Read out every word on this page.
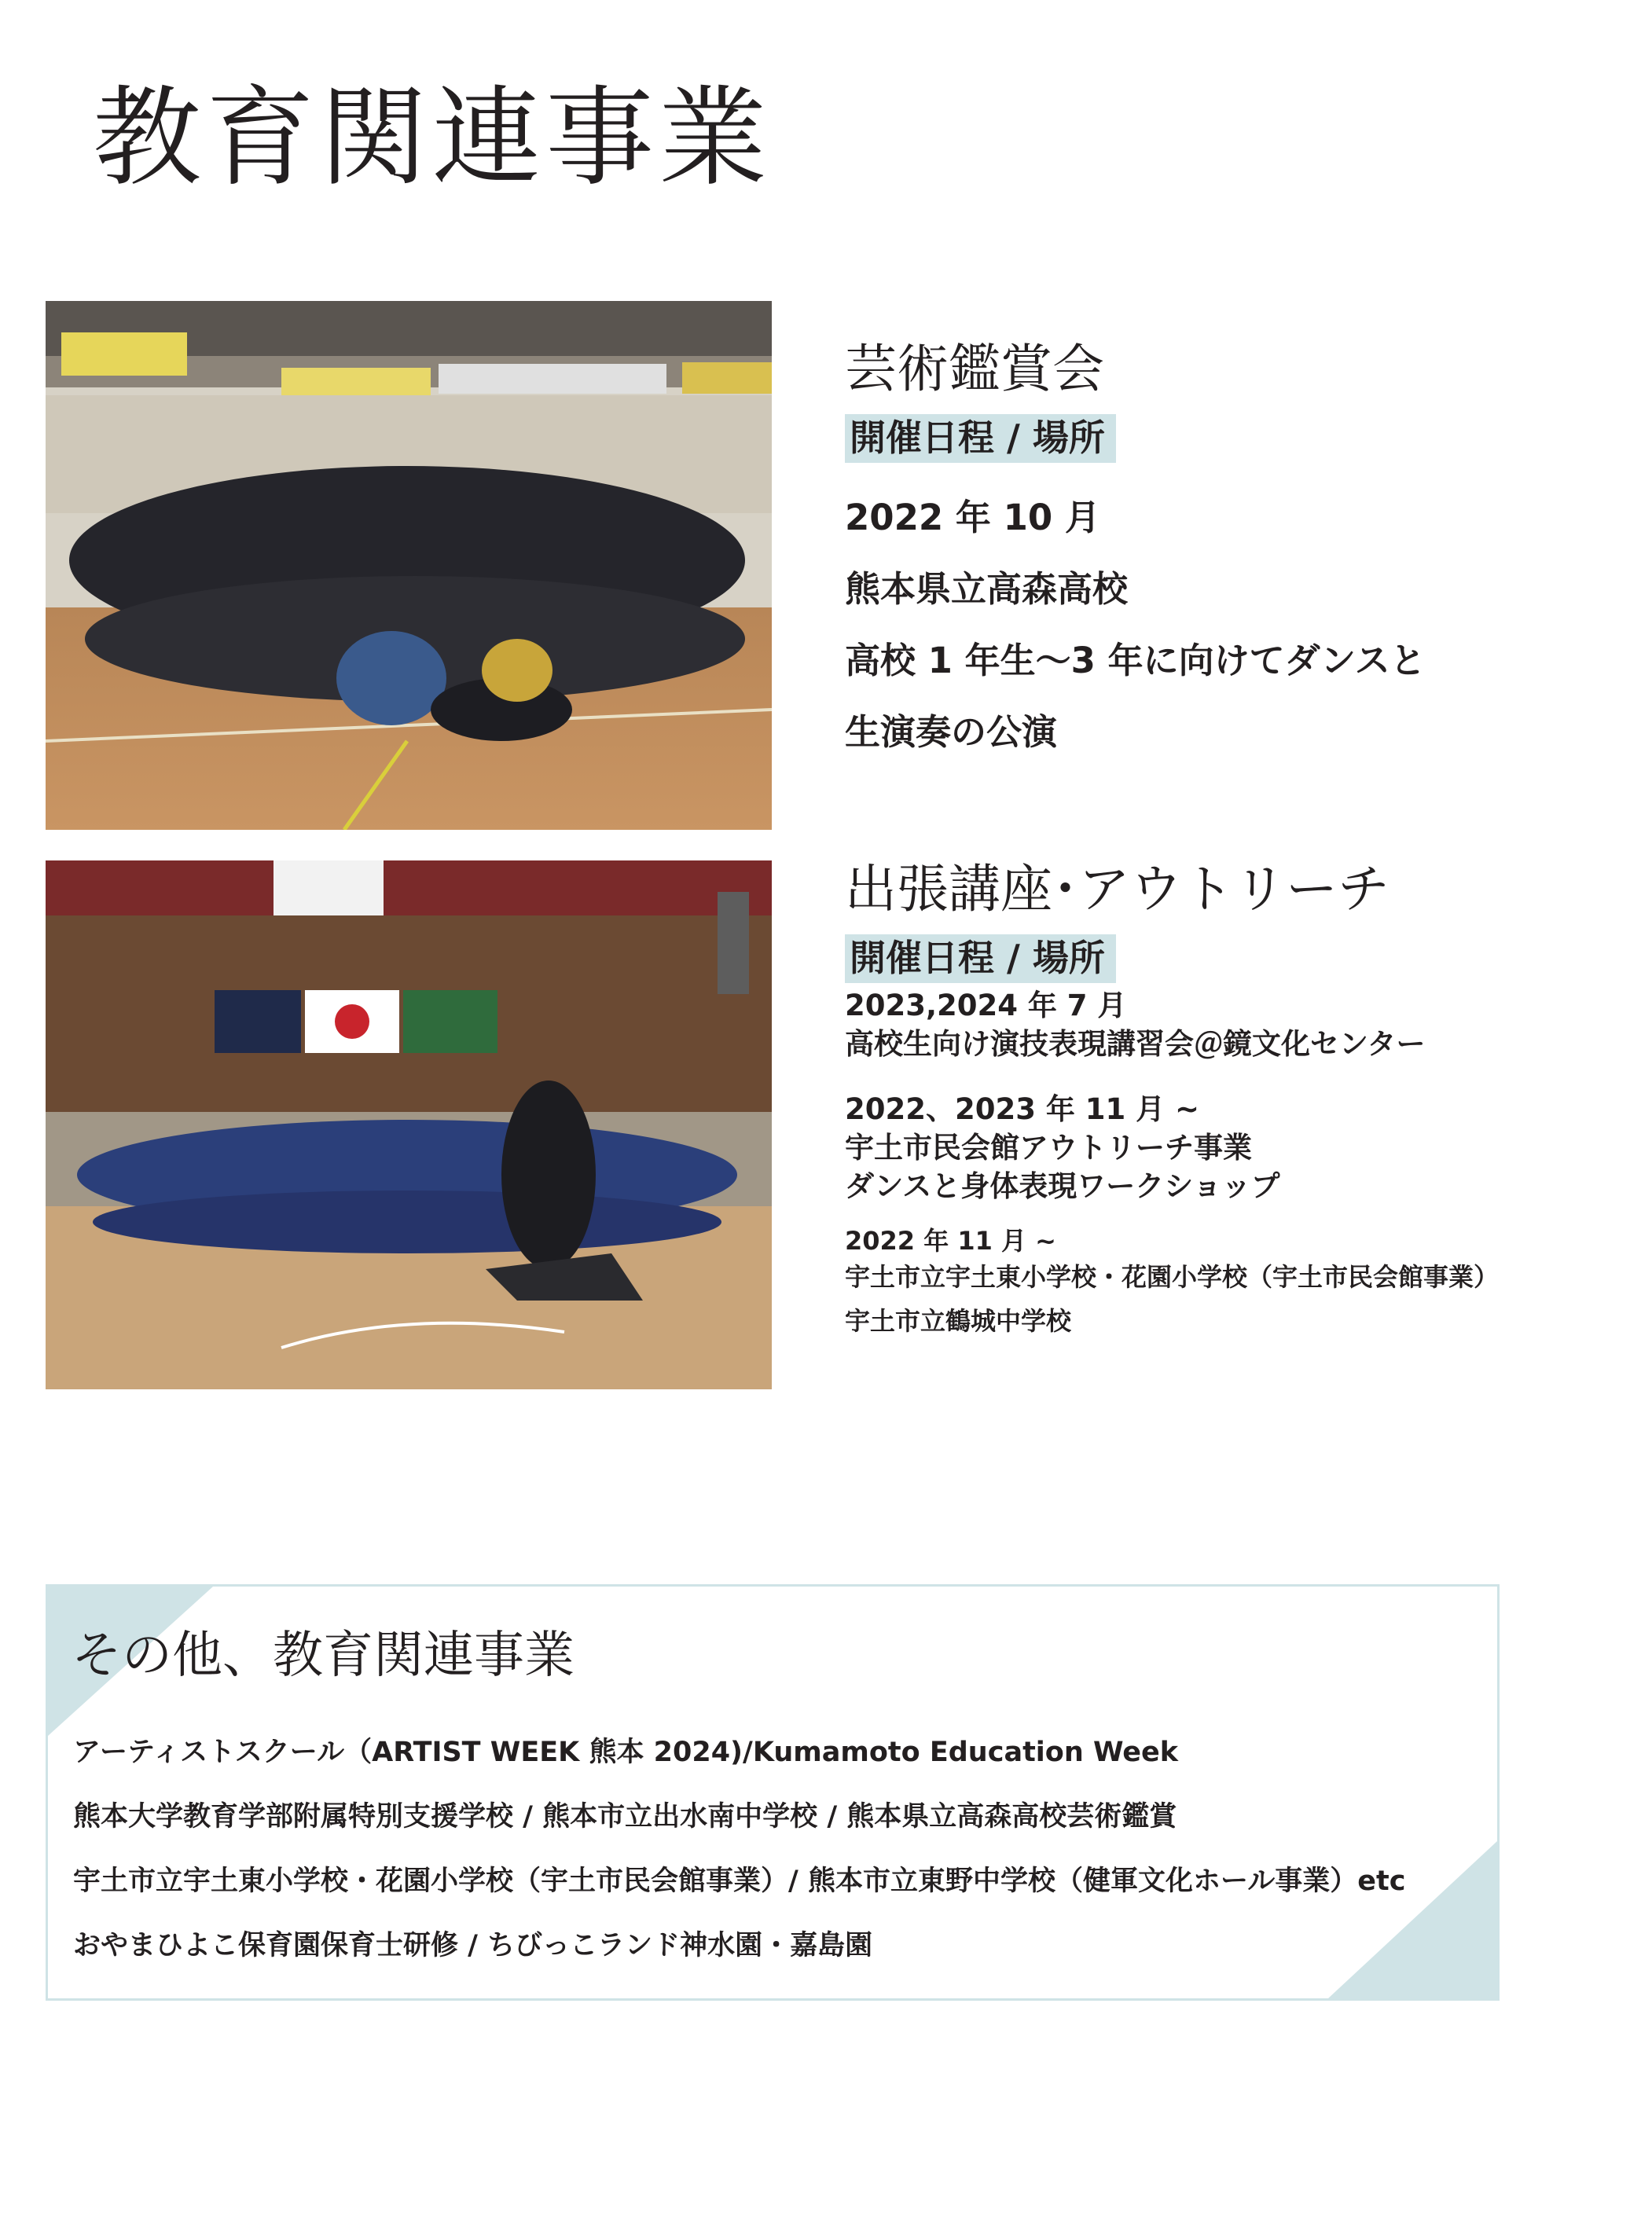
教育関連事業
芸術鑑賞会
開催日程 / 場所
2022 年 10 月
熊本県立高森高校
高校 1 年生～3 年に向けてダンスと
生演奏の公演
出張講座･アウトリーチ
開催日程 / 場所
2023,2024 年 7 月
高校生向け演技表現講習会＠鏡文化センター
2022、2023 年 11 月 ~
宇土市民会館アウトリーチ事業
ダンスと身体表現ワークショップ
2022 年 11 月 ~
宇土市立宇土東小学校・花園小学校（宇土市民会館事業）
宇土市立鶴城中学校
その他、教育関連事業
アーティストスクール（ARTIST WEEK 熊本 2024)/Kumamoto Education Week
熊本大学教育学部附属特別支援学校 / 熊本市立出水南中学校 / 熊本県立高森高校芸術鑑賞
宇土市立宇土東小学校・花園小学校（宇土市民会館事業）/ 熊本市立東野中学校（健軍文化ホール事業）etc
おやまひよこ保育園保育士研修 / ちびっこランド神水園・嘉島園
